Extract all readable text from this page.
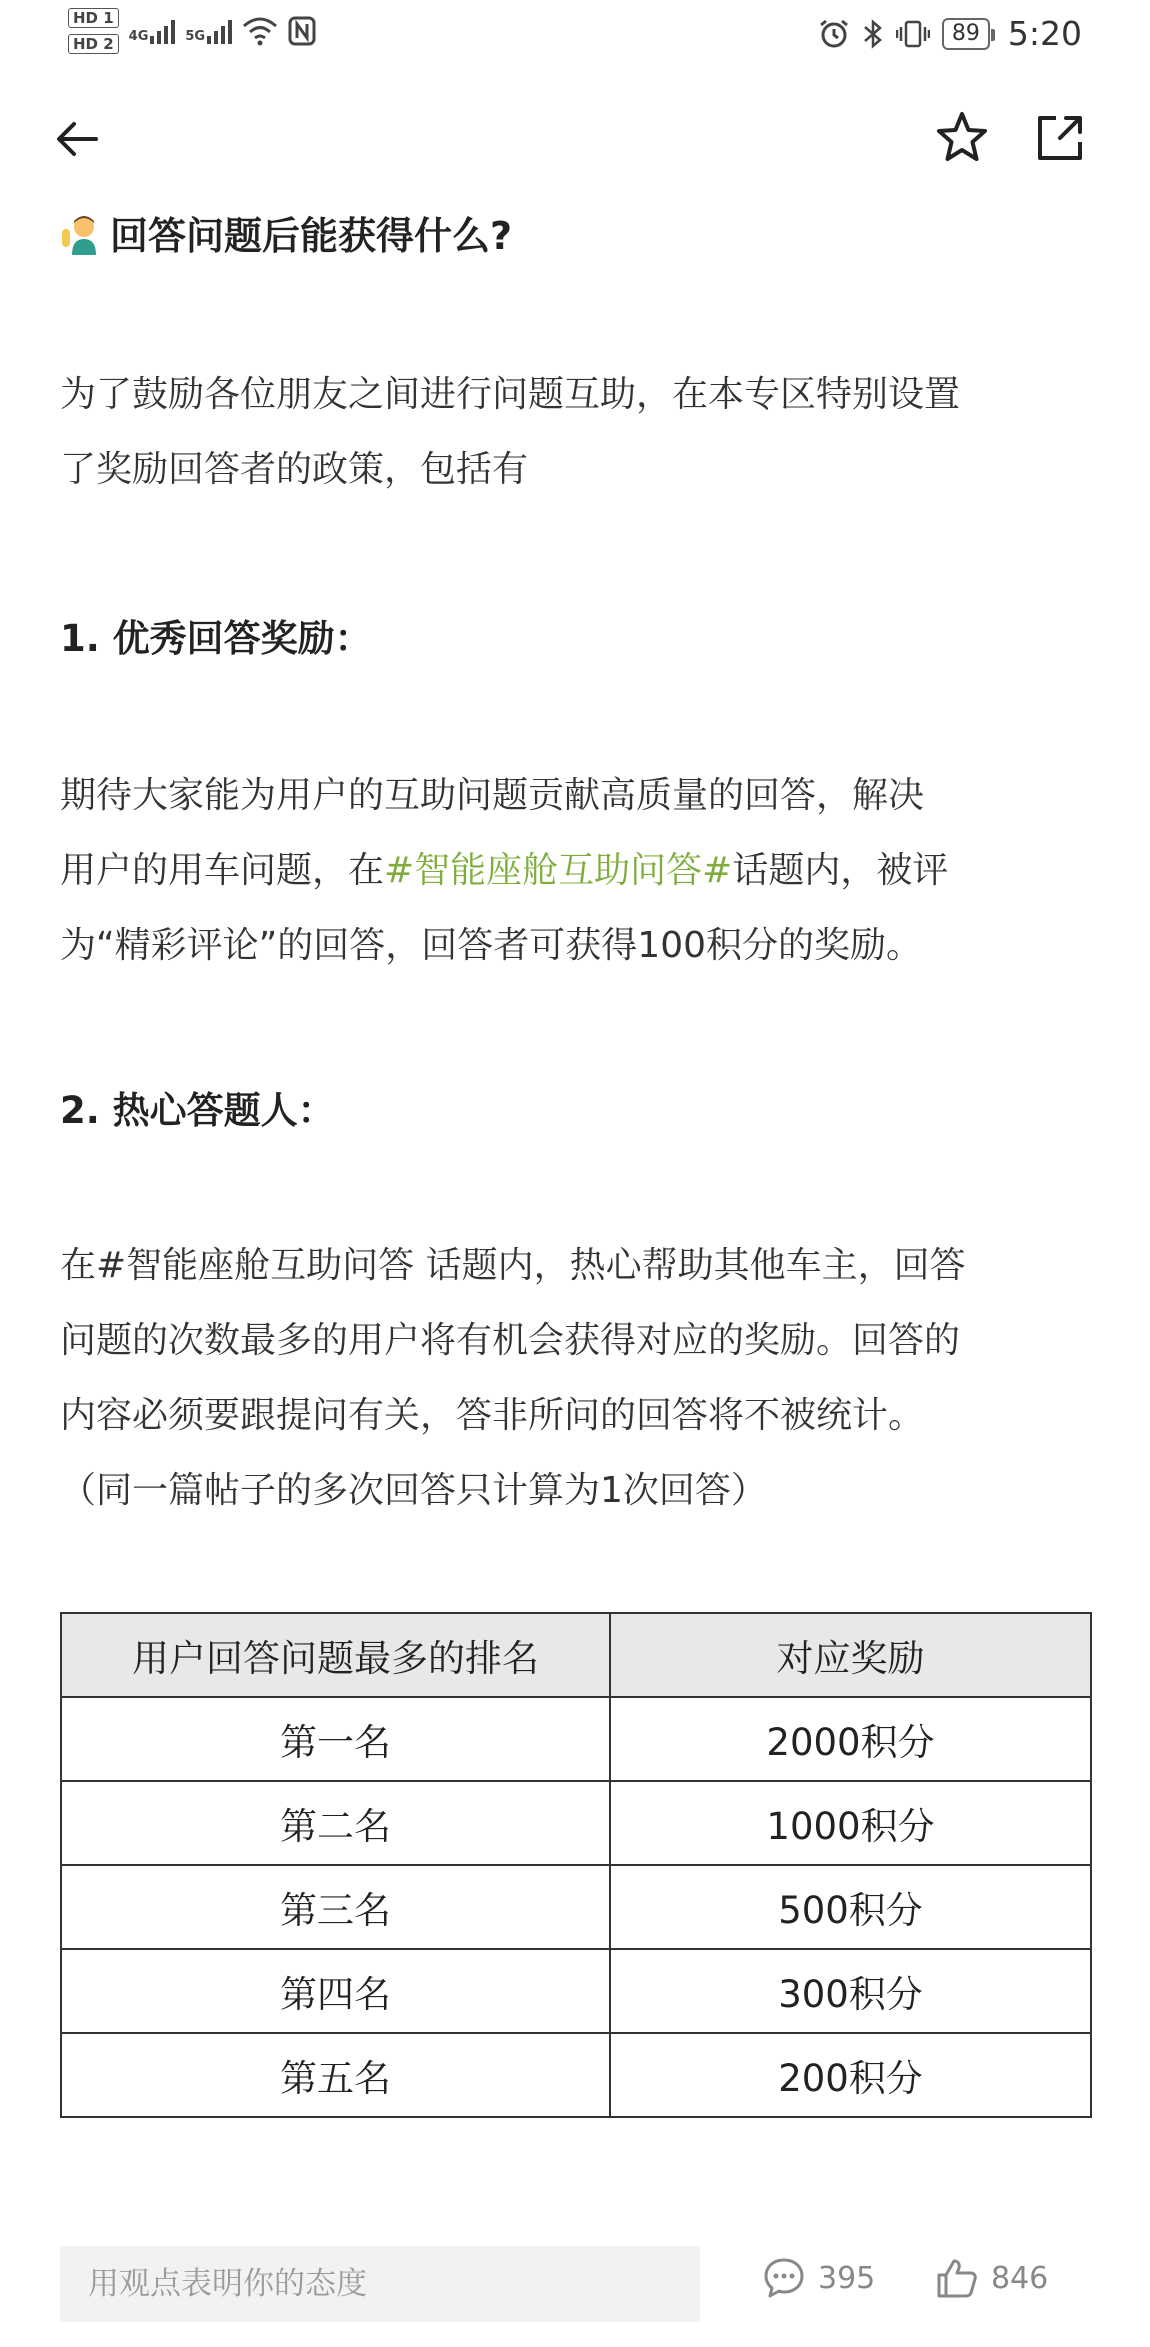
HD 1
HD 2	4G	5G	89 5:20
回答问题后能获得什么?
为了鼓励各位朋友之间进行问题互助，在本专区特别设置
了奖励回答者的政策，包括有
1. 优秀回答奖励：
期待大家能为用户的互助问题贡献高质量的回答，解决
用户的用车问题，在#智能座舱互助问答#话题内，被评
为“精彩评论”的回答，回答者可获得100积分的奖励。
2. 热心答题人：
在#智能座舱互助问答 话题内，热心帮助其他车主，回答
问题的次数最多的用户将有机会获得对应的奖励。回答的
内容必须要跟提问有关，答非所问的回答将不被统计。
（同一篇帖子的多次回答只计算为1次回答）
用户回答问题最多的排名	对应奖励
第一名	2000积分
第二名	1000积分
第三名	500积分
第四名	300积分
第五名	200积分
用观点表明你的态度
395	846
